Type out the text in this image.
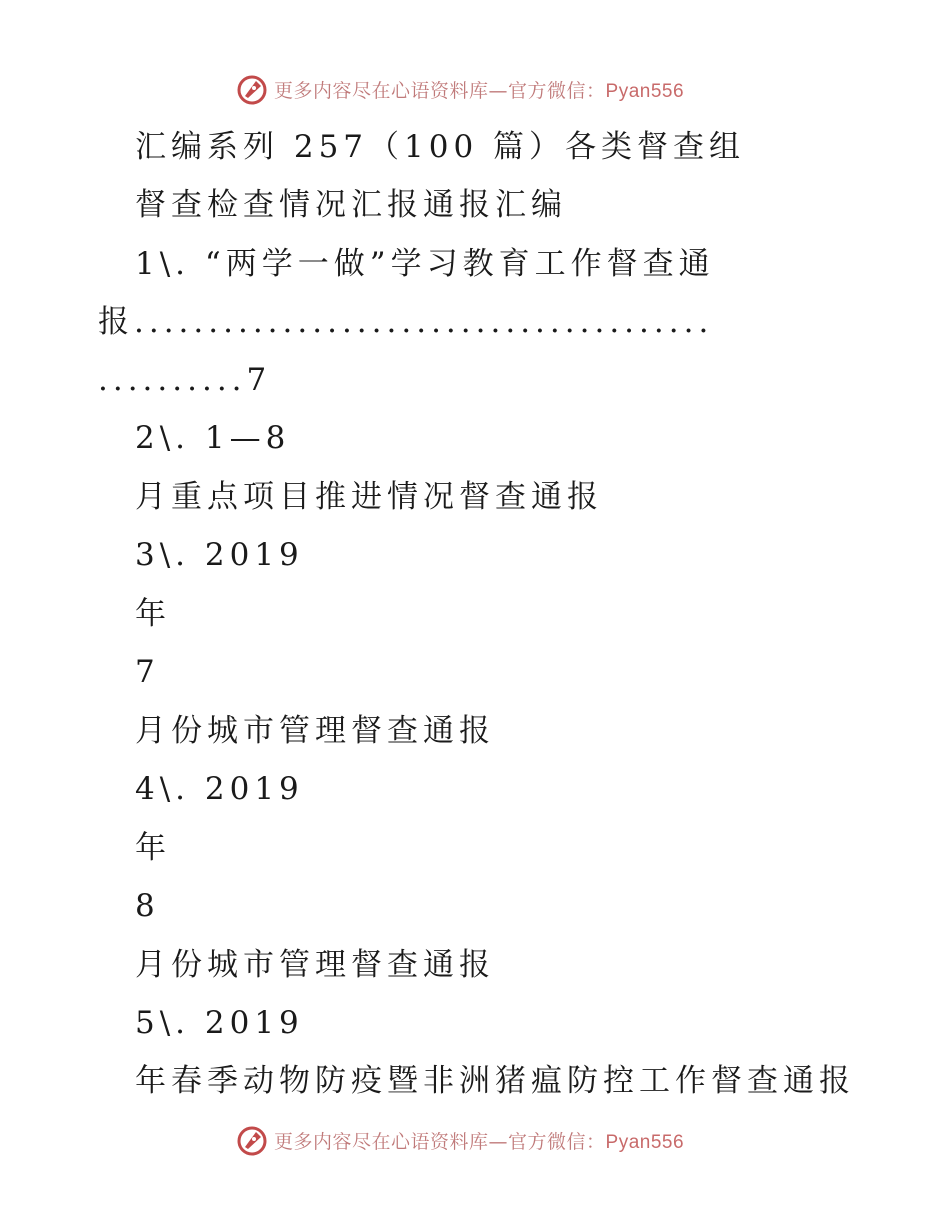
更多内容尽在心语资料库—官方微信：Pyan556
汇编系列 257（100 篇）各类督查组
督查检查情况汇报通报汇编
1\. “两学一做”学习教育工作督查通
报.......................................
..........7
2\. 1—8
月重点项目推进情况督查通报
3\. 2019
年
7
月份城市管理督查通报
4\. 2019
年
8
月份城市管理督查通报
5\. 2019
年春季动物防疫暨非洲猪瘟防控工作督查通报
更多内容尽在心语资料库—官方微信：Pyan556
